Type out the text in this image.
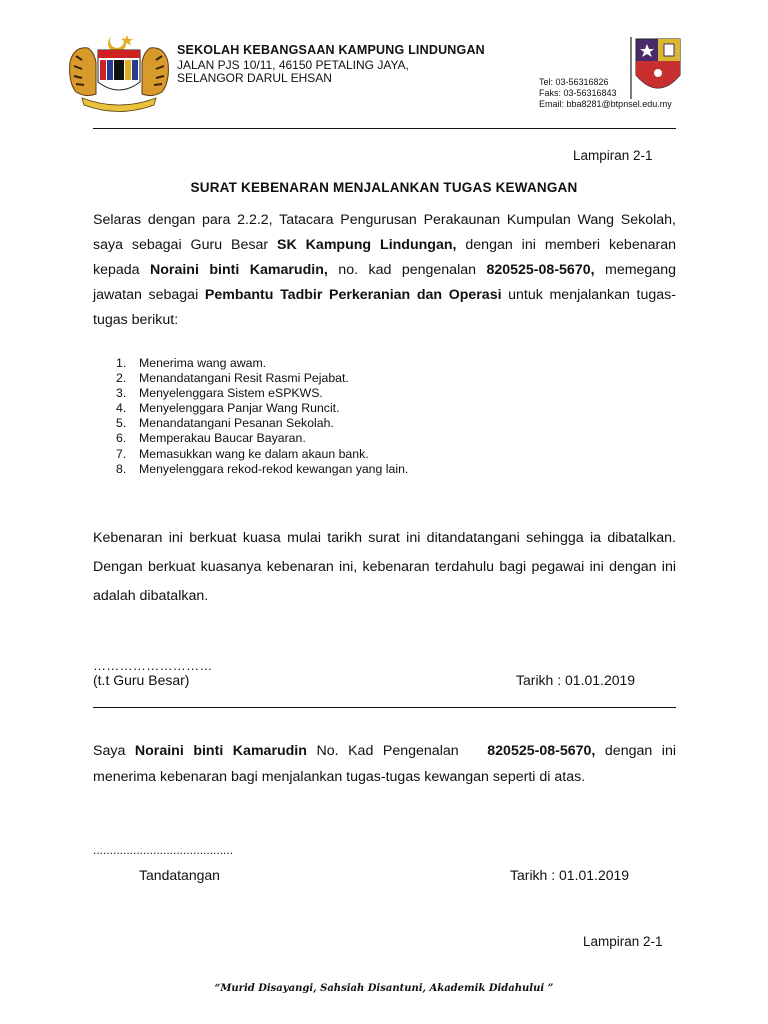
SEKOLAH KEBANGSAAN KAMPUNG LINDUNGAN
JALAN PJS 10/11, 46150 PETALING JAYA,
SELANGOR DARUL EHSAN	Tel: 03-56316826
Faks: 03-56316843
Email: bba8281@btpnsel.edu.my
Lampiran 2-1
SURAT KEBENARAN MENJALANKAN TUGAS KEWANGAN
Selaras dengan para 2.2.2, Tatacara Pengurusan Perakaunan Kumpulan Wang Sekolah, saya sebagai Guru Besar SK Kampung Lindungan, dengan ini memberi kebenaran kepada Noraini binti Kamarudin, no. kad pengenalan 820525-08-5670, memegang jawatan sebagai Pembantu Tadbir Perkeranian dan Operasi untuk menjalankan tugas-tugas berikut:
1.	Menerima wang awam.
2.	Menandatangani Resit Rasmi Pejabat.
3.	Menyelenggara Sistem eSPKWS.
4.	Menyelenggara Panjar Wang Runcit.
5.	Menandatangani Pesanan Sekolah.
6.	Memperakau Baucar Bayaran.
7.	Memasukkan wang ke dalam akaun bank.
8.	Menyelenggara rekod-rekod kewangan yang lain.
Kebenaran ini berkuat kuasa mulai tarikh surat ini ditandatangani sehingga ia dibatalkan. Dengan berkuat kuasanya kebenaran ini, kebenaran terdahulu bagi pegawai ini dengan ini adalah dibatalkan.
………………………
(t.t Guru Besar)	Tarikh : 01.01.2019
Saya Noraini binti Kamarudin No. Kad Pengenalan   820525-08-5670, dengan ini menerima kebenaran bagi menjalankan tugas-tugas kewangan seperti di atas.
..........................................
Tandatangan	Tarikh : 01.01.2019
Lampiran 2-1
“Murid Disayangi, Sahsiah Disantuni, Akademik Didahului ”
